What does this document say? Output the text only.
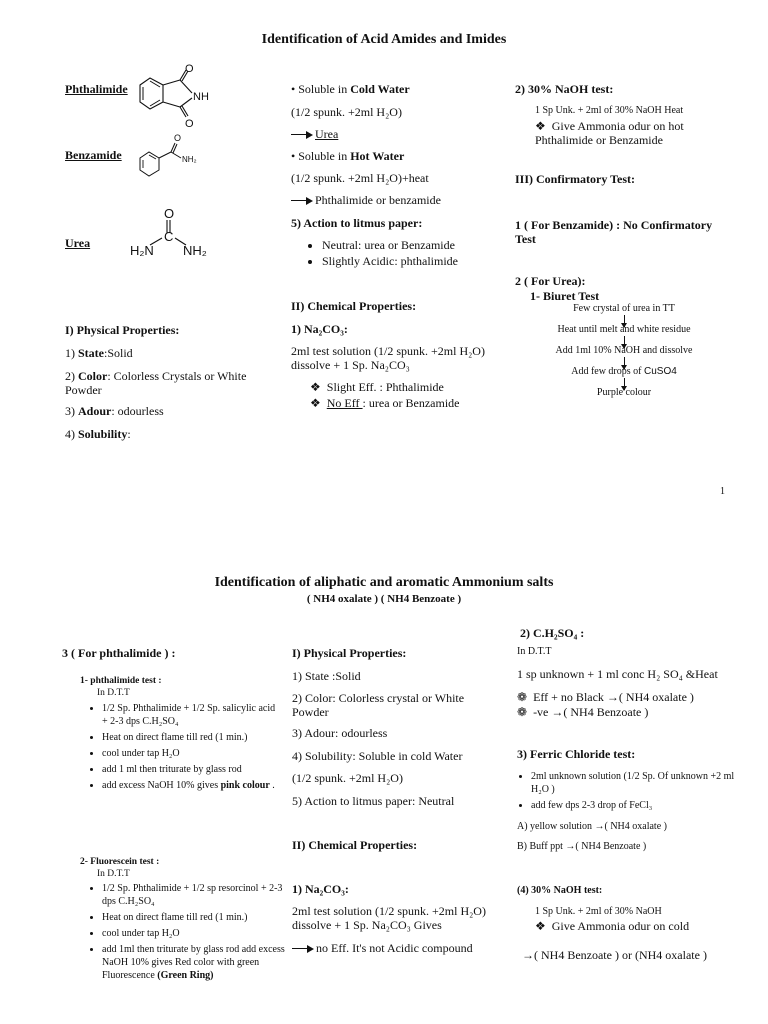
Identification of Acid Amides and Imides
Phthalimide
O
NH
O
Benzamide
O
NH₂
Urea
O
C
H₂N NH₂
I) Physical Properties:
1) State:Solid
2) Color: Colorless Crystals or White Powder
3) Adour: odourless
4) Solubility:
• Soluble in Cold Water
(1/2 spunk. +2ml H₂O)
Urea
• Soluble in Hot Water
(1/2 spunk. +2ml H₂O)+heat
Phthalimide or benzamide
5) Action to litmus paper:
• Neutral: urea or Benzamide
• Slightly Acidic: phthalimide
II) Chemical Properties:
1) Na₂CO₃:
2ml test solution (1/2 spunk. +2ml H₂O) dissolve + 1 Sp. Na₂CO₃
❖ Slight Eff. : Phthalimide
❖ No Eff : urea or Benzamide
2) 30% NaOH test:
1 Sp Unk. + 2ml of 30% NaOH Heat
❖ Give Ammonia odur on hot Phthalimide or Benzamide
III) Confirmatory Test:
1 ( For Benzamide) : No Confirmatory Test
2 ( For Urea):
1- Biuret Test
Few crystal of urea in TT
Heat until melt and white residue
Add 1ml 10% NaOH and dissolve
Add few drops of CuSO4
Purple colour
1
Identification of aliphatic and aromatic Ammonium salts
( NH4 oxalate ) ( NH4 Benzoate )
3 ( For phthalimide ) :
1- phthalimide test :
In D.T.T
• 1/2 Sp. Phthalimide + 1/2 Sp. salicylic acid + 2-3 dps C.H₂SO₄
• Heat on direct flame till red (1 min.)
• cool under tap H₂O
• add 1 ml then triturate by glass rod
• add excess NaOH 10% gives pink colour .
2- Fluorescein test :
In D.T.T
• 1/2 Sp. Phthalimide + 1/2 sp resorcinol + 2-3 dps C.H₂SO₄
• Heat on direct flame till red (1 min.)
• cool under tap H₂O
• add 1ml then triturate by glass rod add excess NaOH 10% gives Red color with green Fluorescence (Green Ring)
I) Physical Properties:
1) State :Solid
2) Color: Colorless crystal or White Powder
3) Adour: odourless
4) Solubility: Soluble in cold Water
(1/2 spunk. +2ml H₂O)
5) Action to litmus paper: Neutral
II) Chemical Properties:
1) Na₂CO₃:
2ml test solution (1/2 spunk. +2ml H₂O) dissolve + 1 Sp. Na₂CO₃ Gives
no Eff. It's not Acidic compound
2) C.H₂SO₄ :
In D.T.T
1 sp unknown + 1 ml conc H₂ SO₄ &Heat
❁ Eff + no Black →( NH4 oxalate )
❁ -ve →( NH4 Benzoate )
3) Ferric Chloride test:
• 2ml unknown solution (1/2 Sp. Of unknown +2 ml H₂O )
• add few dps 2-3 drop of FeCl₃
A) yellow solution →( NH4 oxalate )
B) Buff ppt →( NH4 Benzoate )
(4) 30% NaOH test:
1 Sp Unk. + 2ml of 30% NaOH
❖ Give Ammonia odur on cold
→( NH4 Benzoate ) or (NH4 oxalate )
